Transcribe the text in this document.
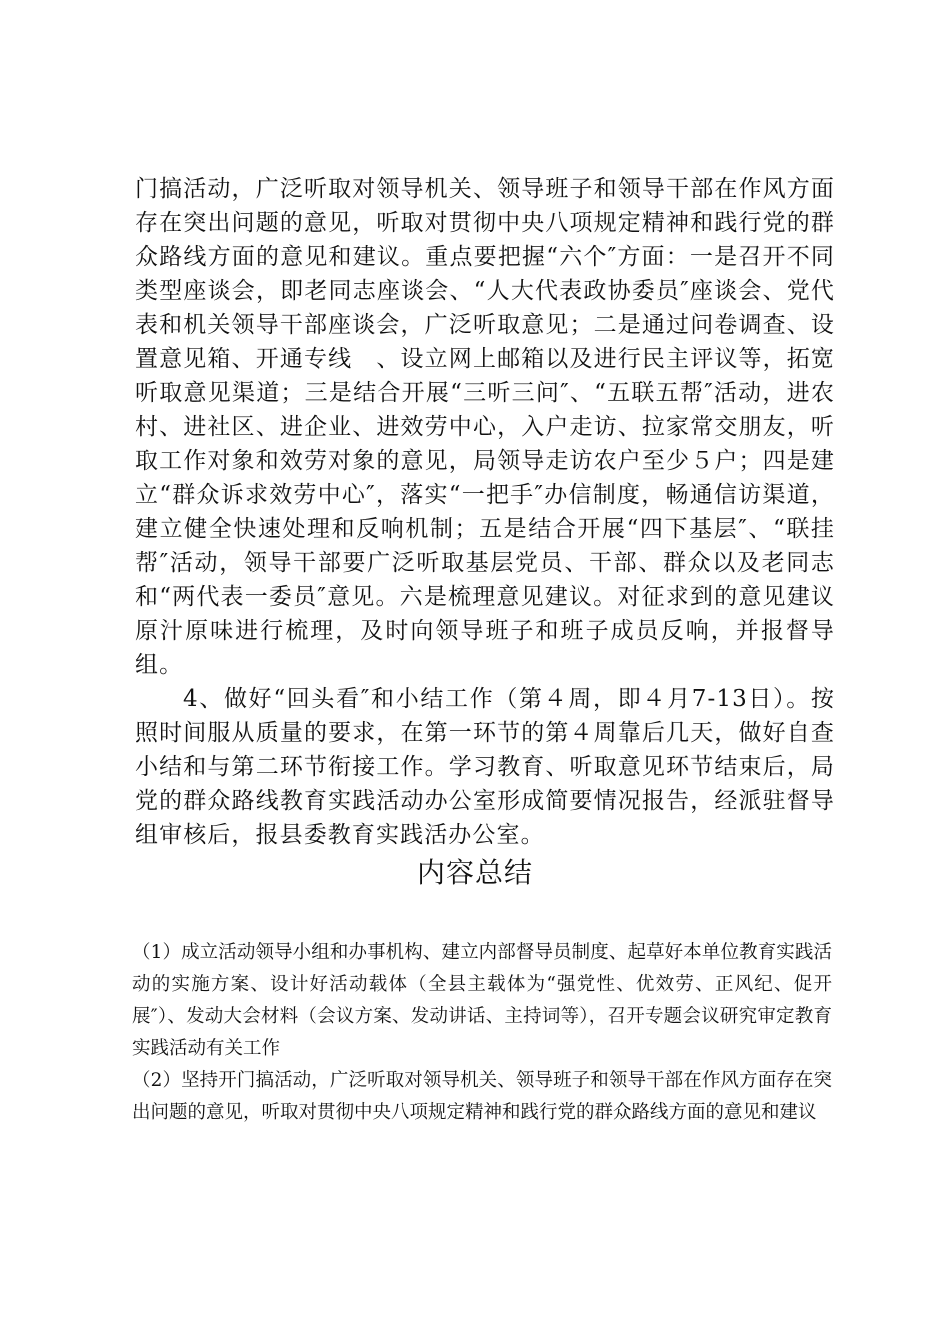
门搞活动，广泛听取对领导机关、领导班子和领导干部在作风方面存在突出问题的意见，听取对贯彻中央八项规定精神和践行党的群众路线方面的意见和建议。重点要把握“六个″方面：一是召开不同类型座谈会，即老同志座谈会、“人大代表政协委员″座谈会、党代表和机关领导干部座谈会，广泛听取意见；二是通过问卷调查、设置意见箱、开通专线　、设立网上邮箱以及进行民主评议等，拓宽听取意见渠道；三是结合开展“三听三问″、“五联五帮″活动，进农村、进社区、进企业、进效劳中心，入户走访、拉家常交朋友，听取工作对象和效劳对象的意见，局领导走访农户至少５户；四是建立“群众诉求效劳中心″，落实“一把手″办信制度，畅通信访渠道，建立健全快速处理和反响机制；五是结合开展“四下基层″、“联挂帮″活动，领导干部要广泛听取基层党员、干部、群众以及老同志和“两代表一委员″意见。六是梳理意见建议。对征求到的意见建议原汁原味进行梳理，及时向领导班子和班子成员反响，并报督导组。

4、做好“回头看″和小结工作（第４周，即４月7-13日）。按照时间服从质量的要求，在第一环节的第４周靠后几天，做好自查小结和与第二环节衔接工作。学习教育、听取意见环节结束后，局党的群众路线教育实践活动办公室形成简要情况报告，经派驻督导组审核后，报县委教育实践活办公室。

内容总结

（1）成立活动领导小组和办事机构、建立内部督导员制度、起草好本单位教育实践活动的实施方案、设计好活动载体（全县主载体为“强党性、优效劳、正风纪、促开展″）、发动大会材料（会议方案、发动讲话、主持词等），召开专题会议研究审定教育实践活动有关工作

（2）坚持开门搞活动，广泛听取对领导机关、领导班子和领导干部在作风方面存在突出问题的意见，听取对贯彻中央八项规定精神和践行党的群众路线方面的意见和建议
